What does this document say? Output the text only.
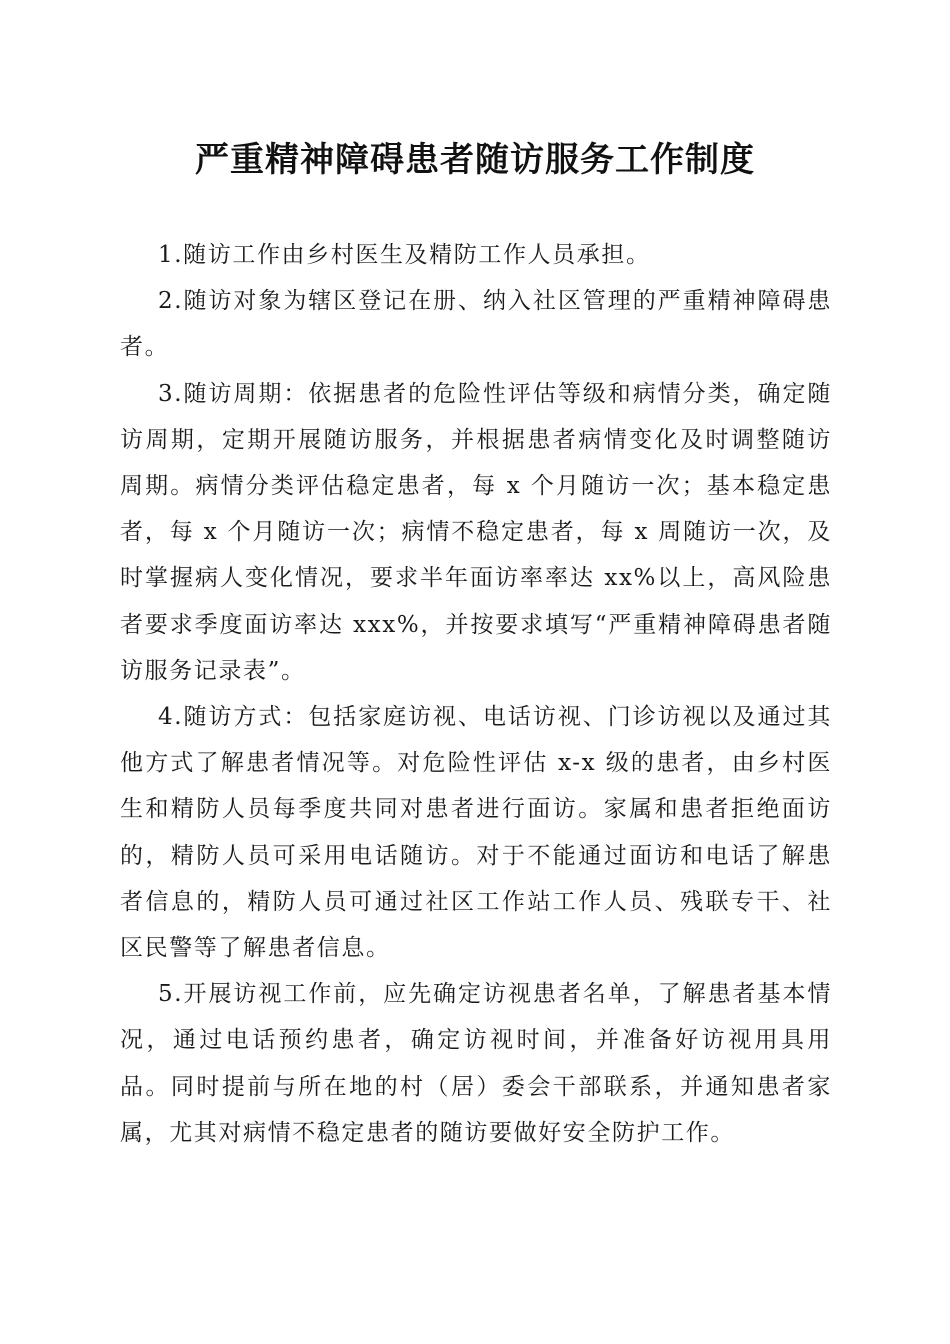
严重精神障碍患者随访服务工作制度

1.随访工作由乡村医生及精防工作人员承担。

2.随访对象为辖区登记在册、纳入社区管理的严重精神障碍患者。

3.随访周期：依据患者的危险性评估等级和病情分类，确定随访周期，定期开展随访服务，并根据患者病情变化及时调整随访周期。病情分类评估稳定患者，每 x 个月随访一次；基本稳定患者，每 x 个月随访一次；病情不稳定患者，每 x 周随访一次，及时掌握病人变化情况，要求半年面访率率达 xx%以上，高风险患者要求季度面访率达 xxx%，并按要求填写“严重精神障碍患者随访服务记录表”。

4.随访方式：包括家庭访视、电话访视、门诊访视以及通过其他方式了解患者情况等。对危险性评估 x-x 级的患者，由乡村医生和精防人员每季度共同对患者进行面访。家属和患者拒绝面访的，精防人员可采用电话随访。对于不能通过面访和电话了解患者信息的，精防人员可通过社区工作站工作人员、残联专干、社区民警等了解患者信息。

5.开展访视工作前，应先确定访视患者名单，了解患者基本情况，通过电话预约患者，确定访视时间，并准备好访视用具用品。同时提前与所在地的村（居）委会干部联系，并通知患者家属，尤其对病情不稳定患者的随访要做好安全防护工作。
